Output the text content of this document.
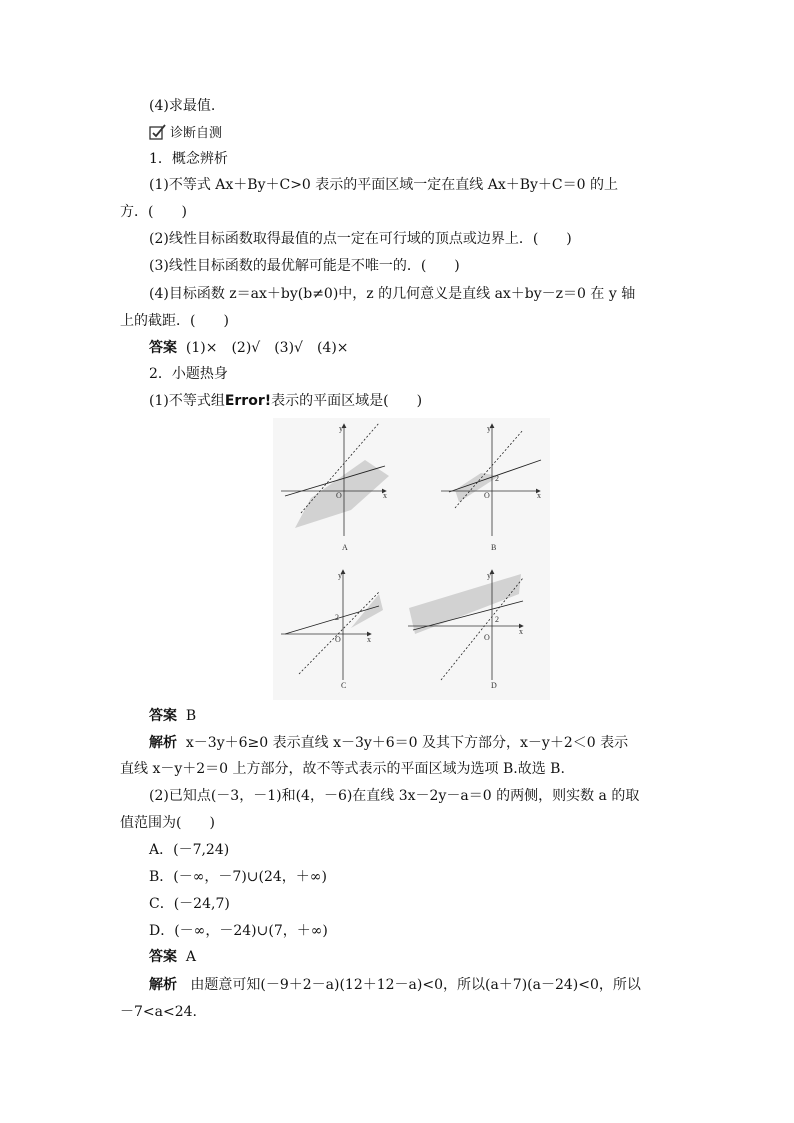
(4)求最值.
诊断自测
1．概念辨析
(1)不等式 Ax＋By＋C>0 表示的平面区域一定在直线 Ax＋By＋C＝0 的上
方．(　　)
(2)线性目标函数取得最值的点一定在可行域的顶点或边界上．(　　)
(3)线性目标函数的最优解可能是不唯一的．(　　)
(4)目标函数 z＝ax＋by(b≠0)中，z 的几何意义是直线 ax＋by－z＝0 在 y 轴
上的截距．(　　)
答案 (1)×　(2)√　(3)√　(4)×
2．小题热身
(1)不等式组Error!表示的平面区域是(　　)
y
x
O
A
y
x
O
2
B
y
x
O
2
C
y
x
O
2
D
答案 B
解析 x－3y＋6≥0 表示直线 x－3y＋6＝0 及其下方部分，x－y＋2＜0 表示
直线 x－y＋2＝0 上方部分，故不等式表示的平面区域为选项 B.故选 B.
(2)已知点(－3，－1)和(4，－6)在直线 3x－2y－a＝0 的两侧，则实数 a 的取
值范围为(　　)
A．(－7,24)
B．(－∞，－7)∪(24，＋∞)
C．(－24,7)
D．(－∞，－24)∪(7，＋∞)
答案 A
解析 由题意可知(－9＋2－a)(12＋12－a)<0，所以(a＋7)(a－24)<0，所以
－7<a<24.
